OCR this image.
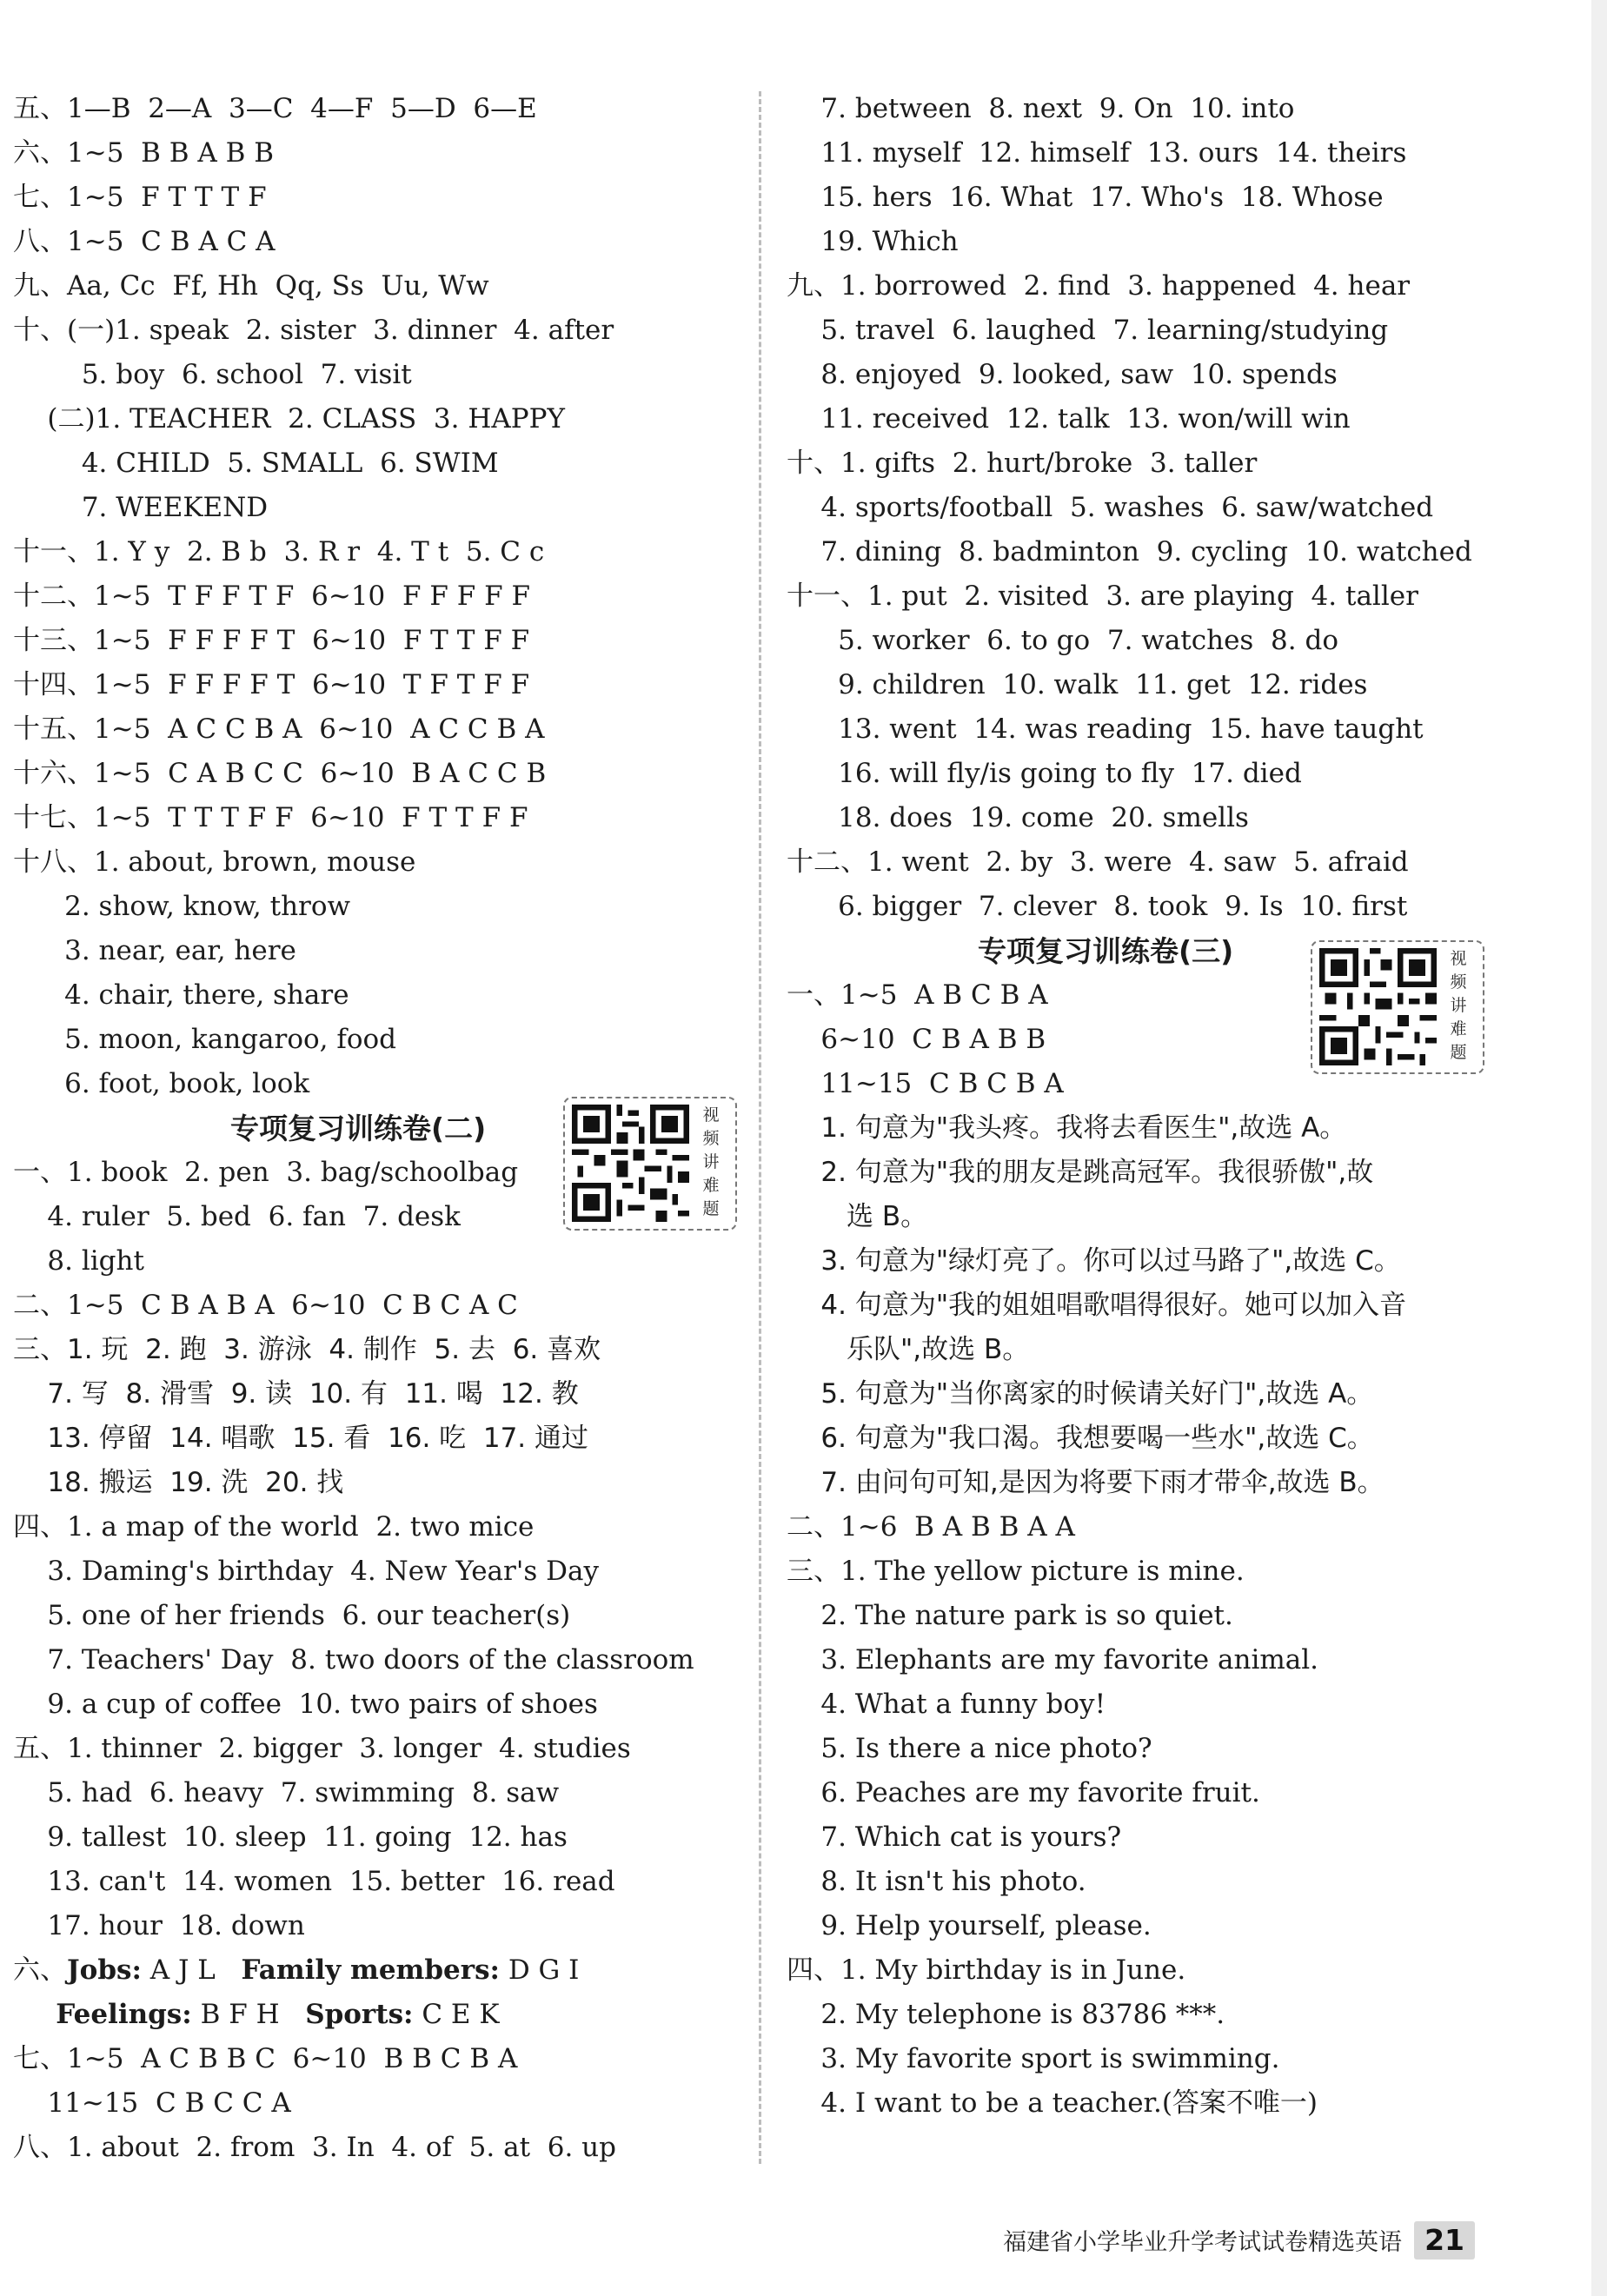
五、1—B  2—A  3—C  4—F  5—D  6—E
六、1~5  B B A B B
七、1~5  F T T T F
八、1~5  C B A C A
九、Aa, Cc  Ff, Hh  Qq, Ss  Uu, Ww
十、(一)1. speak  2. sister  3. dinner  4. after
5. boy  6. school  7. visit
(二)1. TEACHER  2. CLASS  3. HAPPY
4. CHILD  5. SMALL  6. SWIM
7. WEEKEND
十一、1. Y y  2. B b  3. R r  4. T t  5. C c
十二、1~5  T F F T F  6~10  F F F F F
十三、1~5  F F F F T  6~10  F T T F F
十四、1~5  F F F F T  6~10  T F T F F
十五、1~5  A C C B A  6~10  A C C B A
十六、1~5  C A B C C  6~10  B A C C B
十七、1~5  T T T F F  6~10  F T T F F
十八、1. about, brown, mouse
2. show, know, throw
3. near, ear, here
4. chair, there, share
5. moon, kangaroo, food
6. foot, book, look
专项复习训练卷(二)
一、1. book  2. pen  3. bag/schoolbag
4. ruler  5. bed  6. fan  7. desk
8. light
二、1~5  C B A B A  6~10  C B C A C
三、1. 玩  2. 跑  3. 游泳  4. 制作  5. 去  6. 喜欢
7. 写  8. 滑雪  9. 读  10. 有  11. 喝  12. 教
13. 停留  14. 唱歌  15. 看  16. 吃  17. 通过
18. 搬运  19. 洗  20. 找
四、1. a map of the world  2. two mice
3. Daming's birthday  4. New Year's Day
5. one of her friends  6. our teacher(s)
7. Teachers' Day  8. two doors of the classroom
9. a cup of coffee  10. two pairs of shoes
五、1. thinner  2. bigger  3. longer  4. studies
5. had  6. heavy  7. swimming  8. saw
9. tallest  10. sleep  11. going  12. has
13. can't  14. women  15. better  16. read
17. hour  18. down
六、Jobs: A J L Family members: D G I
Feelings: B F H Sports: C E K
七、1~5  A C B B C  6~10  B B C B A
11~15  C B C C A
八、1. about  2. from  3. In  4. of  5. at  6. up
7. between  8. next  9. On  10. into
11. myself  12. himself  13. ours  14. theirs
15. hers  16. What  17. Who's  18. Whose
19. Which
九、1. borrowed  2. find  3. happened  4. hear
5. travel  6. laughed  7. learning/studying
8. enjoyed  9. looked, saw  10. spends
11. received  12. talk  13. won/will win
十、1. gifts  2. hurt/broke  3. taller
4. sports/football  5. washes  6. saw/watched
7. dining  8. badminton  9. cycling  10. watched
十一、1. put  2. visited  3. are playing  4. taller
5. worker  6. to go  7. watches  8. do
9. children  10. walk  11. get  12. rides
13. went  14. was reading  15. have taught
16. will fly/is going to fly  17. died
18. does  19. come  20. smells
十二、1. went  2. by  3. were  4. saw  5. afraid
6. bigger  7. clever  8. took  9. Is  10. first
专项复习训练卷(三)
一、1~5  A B C B A
6~10  C B A B B
11~15  C B C B A
1. 句意为"我头疼。我将去看医生",故选 A。
2. 句意为"我的朋友是跳高冠军。我很骄傲",故
选 B。
3. 句意为"绿灯亮了。你可以过马路了",故选 C。
4. 句意为"我的姐姐唱歌唱得很好。她可以加入音
乐队",故选 B。
5. 句意为"当你离家的时候请关好门",故选 A。
6. 句意为"我口渴。我想要喝一些水",故选 C。
7. 由问句可知,是因为将要下雨才带伞,故选 B。
二、1~6  B A B B A A
三、1. The yellow picture is mine.
2. The nature park is so quiet.
3. Elephants are my favorite animal.
4. What a funny boy!
5. Is there a nice photo?
6. Peaches are my favorite fruit.
7. Which cat is yours?
8. It isn't his photo.
9. Help yourself, please.
四、1. My birthday is in June.
2. My telephone is 83786 ***.
3. My favorite sport is swimming.
4. I want to be a teacher.(答案不唯一)
视
频
讲
难
题
视
频
讲
难
题
福建省小学毕业升学考试试卷精选英语 21
